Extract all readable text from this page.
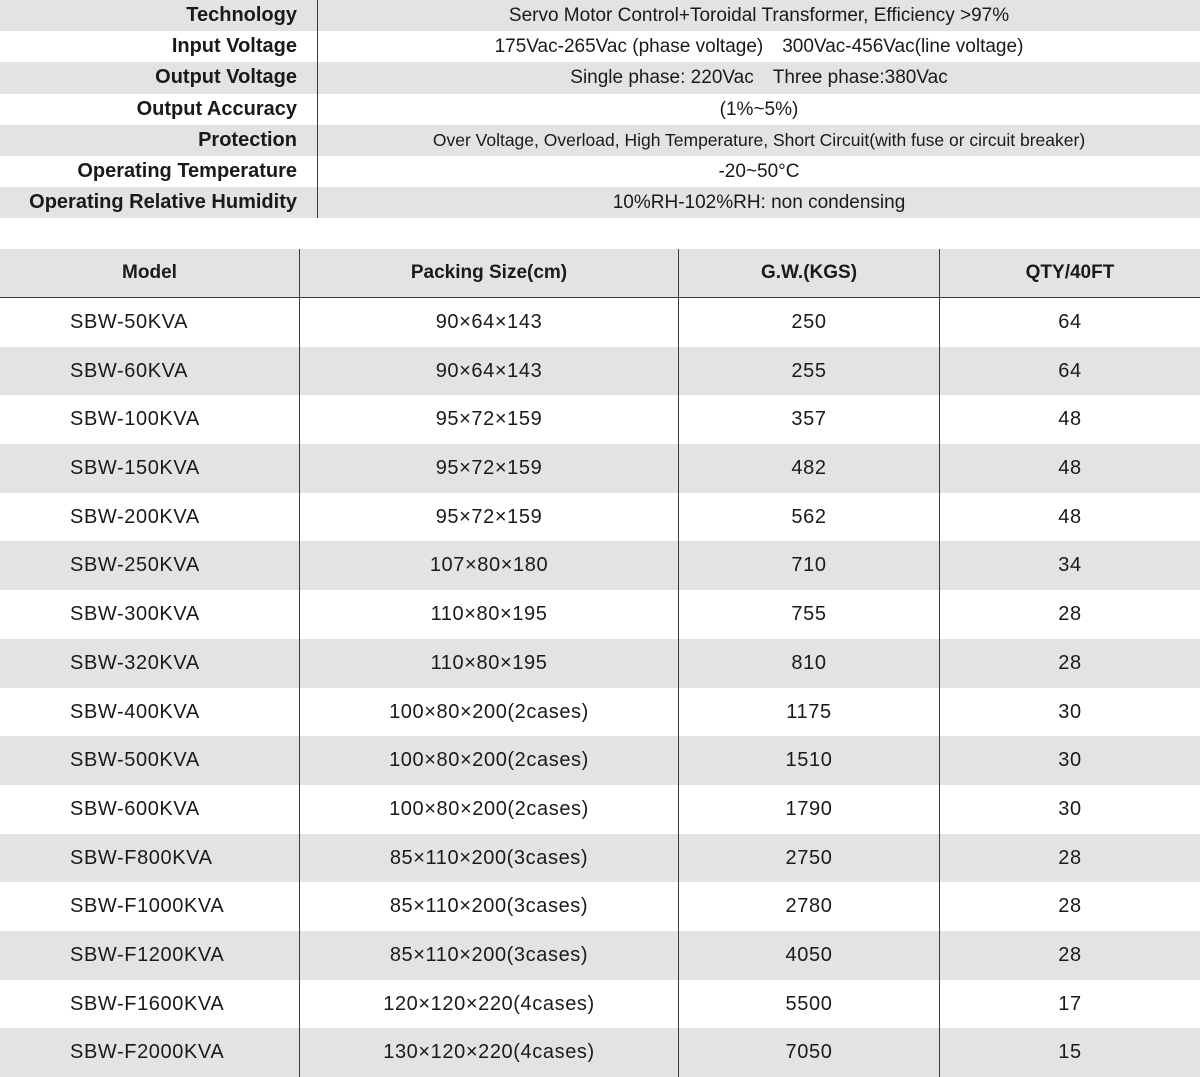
Technology	Servo Motor Control+Toroidal Transformer, Efficiency >97%
Input Voltage	175Vac-265Vac (phase voltage) 300Vac-456Vac(line voltage)
Output Voltage	Single phase: 220Vac Three phase:380Vac
Output Accuracy	(1%~5%)
Protection	Over Voltage, Overload, High Temperature, Short Circuit(with fuse or circuit breaker)
Operating Temperature	-20~50°C
Operating Relative Humidity	10%RH-102%RH: non condensing
Model	Packing Size(cm)	G.W.(KGS)	QTY/40FT
SBW-50KVA	90×64×143	250	64
SBW-60KVA	90×64×143	255	64
SBW-100KVA	95×72×159	357	48
SBW-150KVA	95×72×159	482	48
SBW-200KVA	95×72×159	562	48
SBW-250KVA	107×80×180	710	34
SBW-300KVA	110×80×195	755	28
SBW-320KVA	110×80×195	810	28
SBW-400KVA	100×80×200(2cases)	1175	30
SBW-500KVA	100×80×200(2cases)	1510	30
SBW-600KVA	100×80×200(2cases)	1790	30
SBW-F800KVA	85×110×200(3cases)	2750	28
SBW-F1000KVA	85×110×200(3cases)	2780	28
SBW-F1200KVA	85×110×200(3cases)	4050	28
SBW-F1600KVA	120×120×220(4cases)	5500	17
SBW-F2000KVA	130×120×220(4cases)	7050	15
